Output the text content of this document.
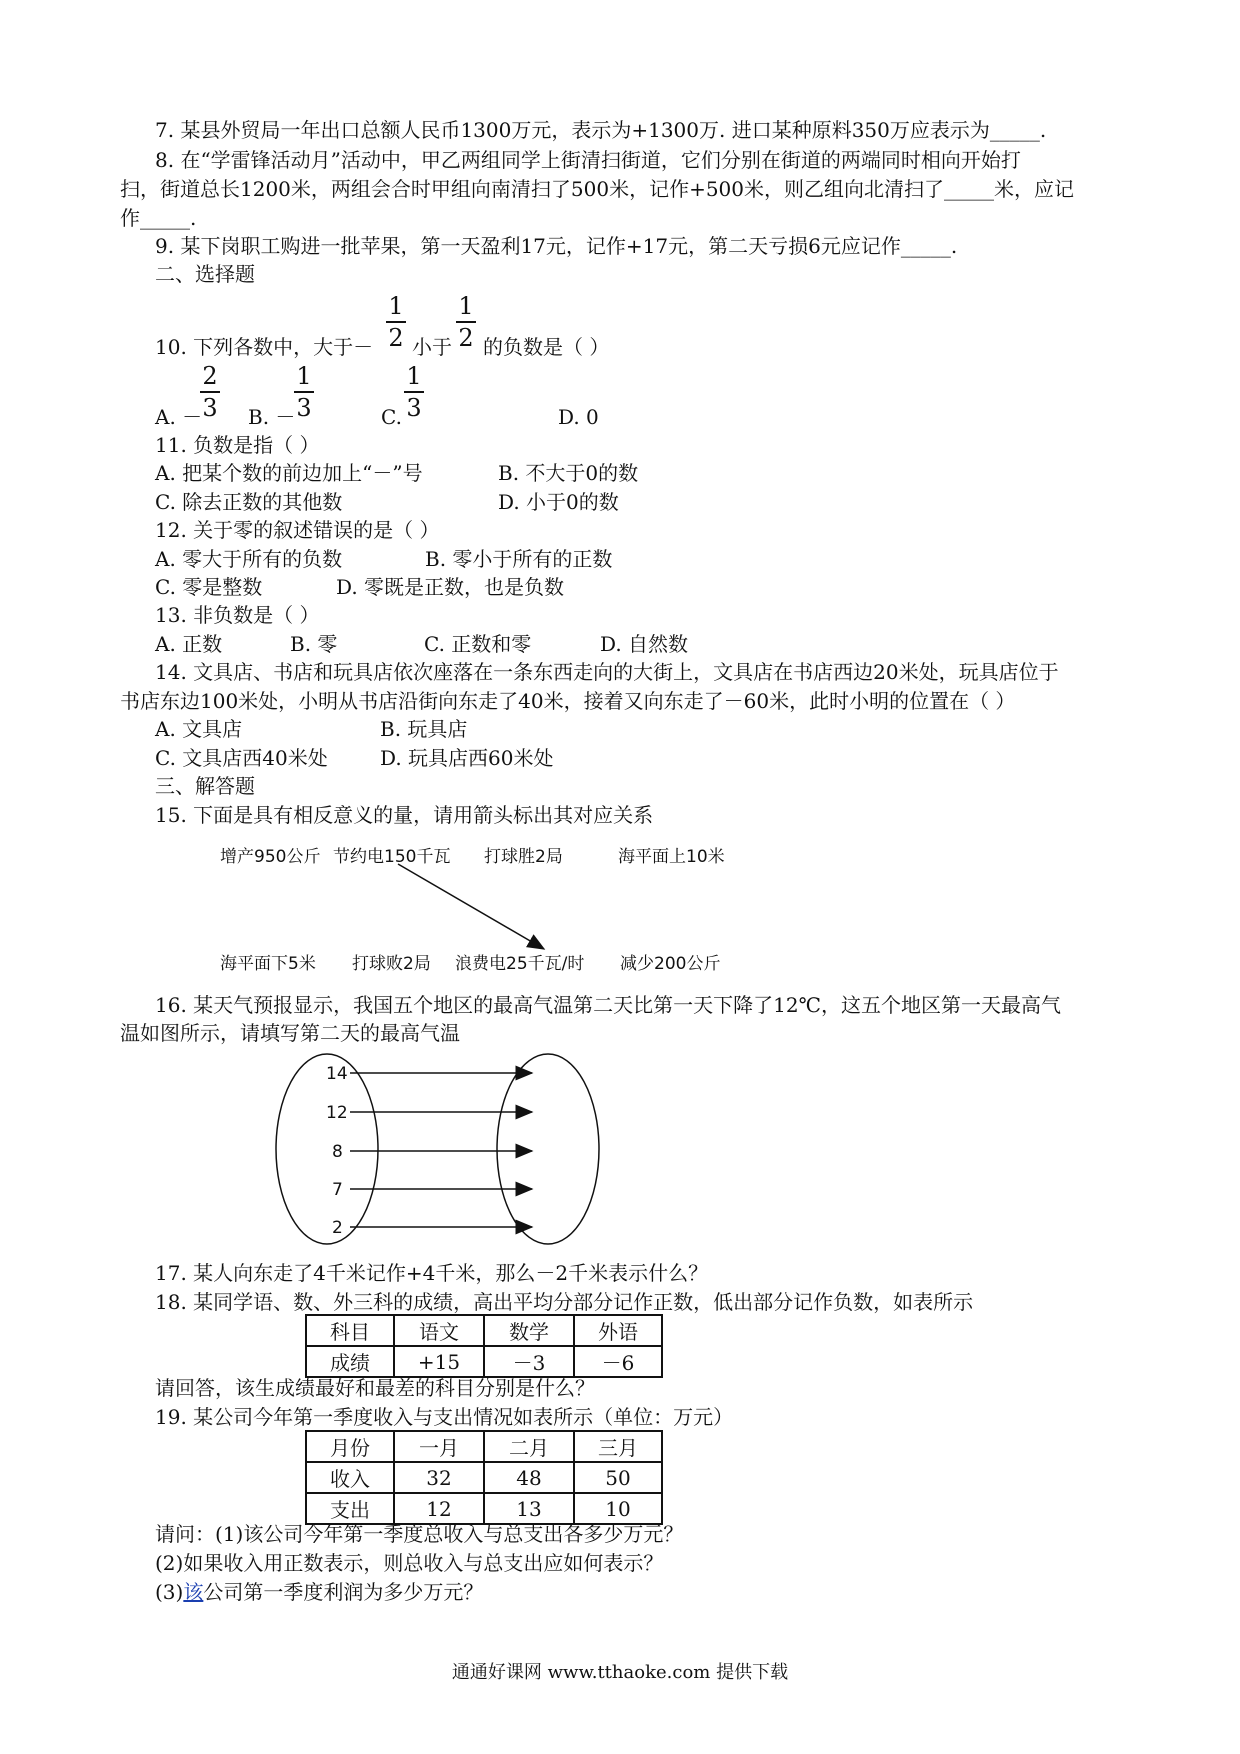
7. 某县外贸局一年出口总额人民币1300万元，表示为+1300万. 进口某种原料350万应表示为_____.
8. 在“学雷锋活动月”活动中，甲乙两组同学上街清扫街道，它们分别在街道的两端同时相向开始打
扫，街道总长1200米，两组会合时甲组向南清扫了500米，记作+500米，则乙组向北清扫了_____米，应记
作_____.
9. 某下岗职工购进一批苹果，第一天盈利17元，记作+17元，第二天亏损6元应记作_____.
二、选择题
10. 下列各数中，大于－
1
2 小于
1
2 的负数是（ ）
A. －
2
3 B. －
1
3	C.
1
3	D. 0
11. 负数是指（ ）
A. 把某个数的前边加上“－”号	B. 不大于0的数
C. 除去正数的其他数	D. 小于0的数
12. 关于零的叙述错误的是（ ）
A. 零大于所有的负数	B. 零小于所有的正数
C. 零是整数	D. 零既是正数，也是负数
13. 非负数是（ ）
A. 正数	B. 零	C. 正数和零	D. 自然数
14. 文具店、书店和玩具店依次座落在一条东西走向的大街上，文具店在书店西边20米处，玩具店位于
书店东边100米处，小明从书店沿街向东走了40米，接着又向东走了－60米，此时小明的位置在（ ）
A. 文具店	B. 玩具店
C. 文具店西40米处	D. 玩具店西60米处
三、解答题
15. 下面是具有相反意义的量，请用箭头标出其对应关系
增产950公斤 节约电150千瓦 打球胜2局	海平面上10米
海平面下5米 打球败2局 浪费电25千瓦/时 减少200公斤
16. 某天气预报显示，我国五个地区的最高气温第二天比第一天下降了12℃，这五个地区第一天最高气
温如图所示，请填写第二天的最高气温
14
12
8
7
2
17. 某人向东走了4千米记作+4千米，那么－2千米表示什么？
18. 某同学语、数、外三科的成绩，高出平均分部分记作正数，低出部分记作负数，如表所示
科目	语文	数学	外语
成绩	+15	－3	－6
请回答，该生成绩最好和最差的科目分别是什么？
19. 某公司今年第一季度收入与支出情况如表所示（单位：万元）
月份	一月	二月	三月
收入	32	48	50
支出	12	13	10
请问：(1)该公司今年第一季度总收入与总支出各多少万元？
(2)如果收入用正数表示，则总收入与总支出应如何表示？
(3)该公司第一季度利润为多少万元？
通通好课网 www.tthaoke.com 提供下载
